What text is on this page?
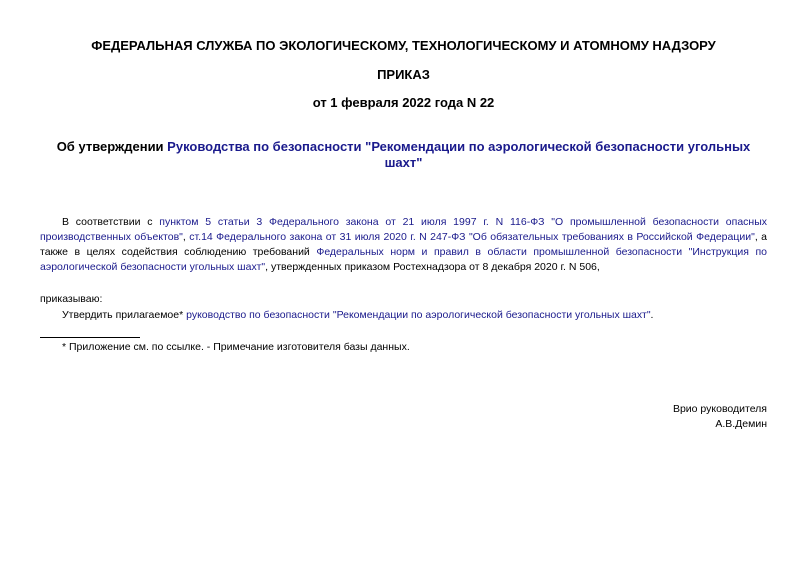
ФЕДЕРАЛЬНАЯ СЛУЖБА ПО ЭКОЛОГИЧЕСКОМУ, ТЕХНОЛОГИЧЕСКОМУ И АТОМНОМУ НАДЗОРУ
ПРИКАЗ
от 1 февраля 2022 года N 22
Об утверждении Руководства по безопасности "Рекомендации по аэрологической безопасности угольных шахт"
В соответствии с пунктом 5 статьи 3 Федерального закона от 21 июля 1997 г. N 116-ФЗ "О промышленной безопасности опасных производственных объектов", ст.14 Федерального закона от 31 июля 2020 г. N 247-ФЗ "Об обязательных требованиях в Российской Федерации", а также в целях содействия соблюдению требований Федеральных норм и правил в области промышленной безопасности "Инструкция по аэрологической безопасности угольных шахт", утвержденных приказом Ростехнадзора от 8 декабря 2020 г. N 506,
приказываю:
Утвердить прилагаемое* руководство по безопасности "Рекомендации по аэрологической безопасности угольных шахт".
* Приложение см. по ссылке. - Примечание изготовителя базы данных.
Врио руководителя
А.В.Демин
